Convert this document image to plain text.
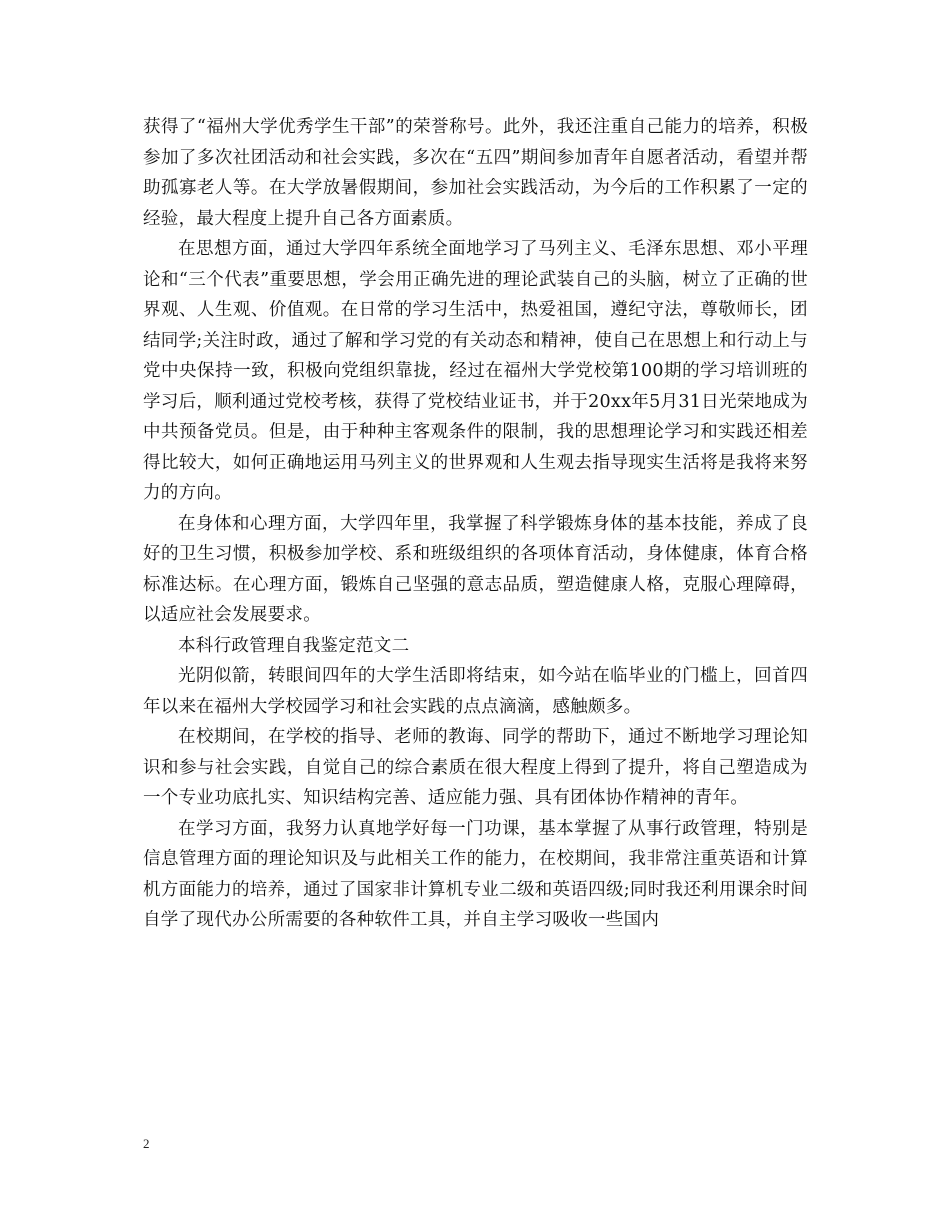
获得了“福州大学优秀学生干部”的荣誉称号。此外，我还注重自己能力的培养，积极参加了多次社团活动和社会实践，多次在“五四”期间参加青年自愿者活动，看望并帮助孤寡老人等。在大学放暑假期间，参加社会实践活动，为今后的工作积累了一定的经验，最大程度上提升自己各方面素质。

在思想方面，通过大学四年系统全面地学习了马列主义、毛泽东思想、邓小平理论和“三个代表”重要思想，学会用正确先进的理论武装自己的头脑，树立了正确的世界观、人生观、价值观。在日常的学习生活中，热爱祖国，遵纪守法，尊敬师长，团结同学;关注时政，通过了解和学习党的有关动态和精神，使自己在思想上和行动上与党中央保持一致，积极向党组织靠拢，经过在福州大学党校第100期的学习培训班的学习后，顺利通过党校考核，获得了党校结业证书，并于20xx年5月31日光荣地成为中共预备党员。但是，由于种种主客观条件的限制，我的思想理论学习和实践还相差得比较大，如何正确地运用马列主义的世界观和人生观去指导现实生活将是我将来努力的方向。

在身体和心理方面，大学四年里，我掌握了科学锻炼身体的基本技能，养成了良好的卫生习惯，积极参加学校、系和班级组织的各项体育活动，身体健康，体育合格标准达标。在心理方面，锻炼自己坚强的意志品质，塑造健康人格，克服心理障碍，以适应社会发展要求。

本科行政管理自我鉴定范文二

光阴似箭，转眼间四年的大学生活即将结束，如今站在临毕业的门槛上，回首四年以来在福州大学校园学习和社会实践的点点滴滴，感触颇多。

在校期间，在学校的指导、老师的教诲、同学的帮助下，通过不断地学习理论知识和参与社会实践，自觉自己的综合素质在很大程度上得到了提升，将自己塑造成为一个专业功底扎实、知识结构完善、适应能力强、具有团体协作精神的青年。

在学习方面，我努力认真地学好每一门功课，基本掌握了从事行政管理，特别是信息管理方面的理论知识及与此相关工作的能力，在校期间，我非常注重英语和计算机方面能力的培养，通过了国家非计算机专业二级和英语四级;同时我还利用课余时间自学了现代办公所需要的各种软件工具，并自主学习吸收一些国内

2
